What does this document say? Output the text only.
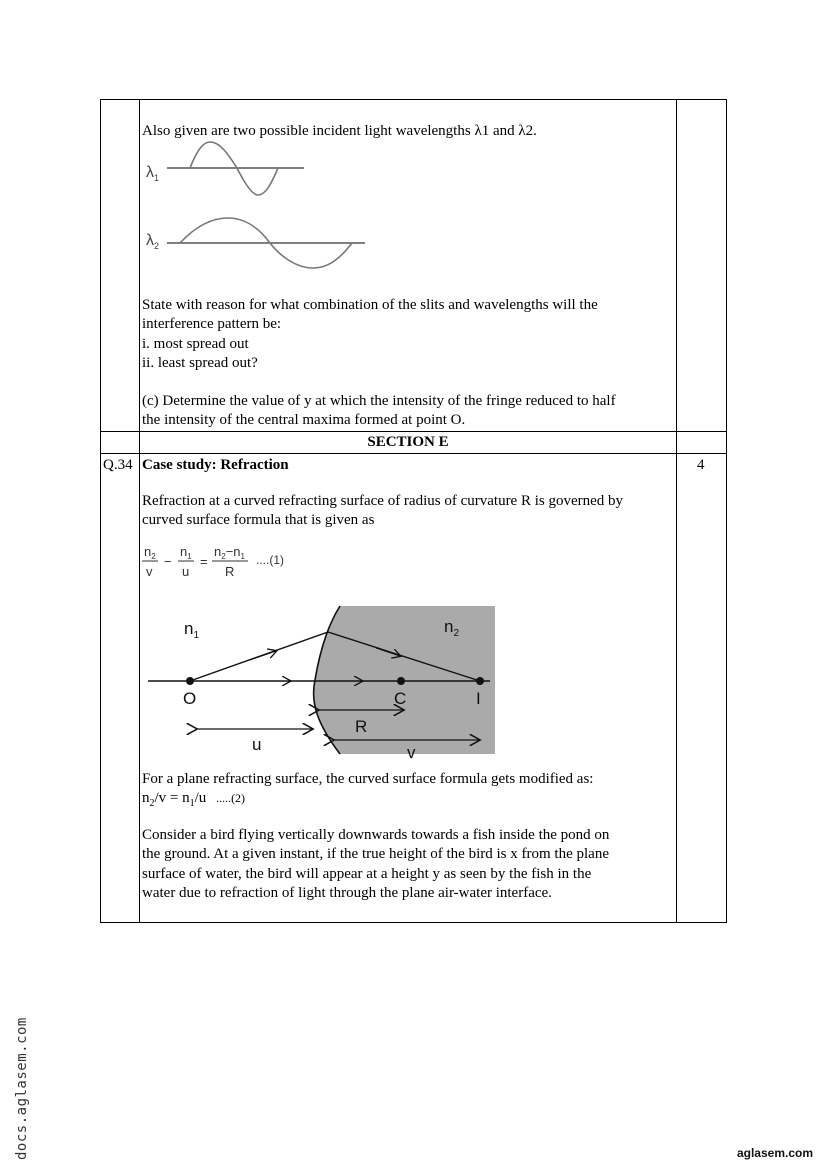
Also given are two possible incident light wavelengths λ1 and λ2.
$\lambda_1$
$\lambda_2$
State with reason for what combination of the slits and wavelengths will the
interference pattern be:
i. most spread out
ii. least spread out?
(c) Determine the value of y at which the intensity of the fringe reduced to half
the intensity of the central maxima formed at point O.
SECTION E
Q.34	4
Case study: Refraction
Refraction at a curved refracting surface of radius of curvature R is governed by
curved surface formula that is given as
$n_2$
v
−
$n_1$
u
=
$n_2-n_1$
R
....(1)
$n_1$	$n_2$
O	C	I
R
u	v
For a plane refracting surface, the curved surface formula gets modified as:
$n_2/v = n_1/u$ .....(2)
Consider a bird flying vertically downwards towards a fish inside the pond on
the ground. At a given instant, if the true height of the bird is x from the plane
surface of water, the bird will appear at a height y as seen by the fish in the
water due to refraction of light through the plane air-water interface.
docs.aglasem.com	aglasem.com
